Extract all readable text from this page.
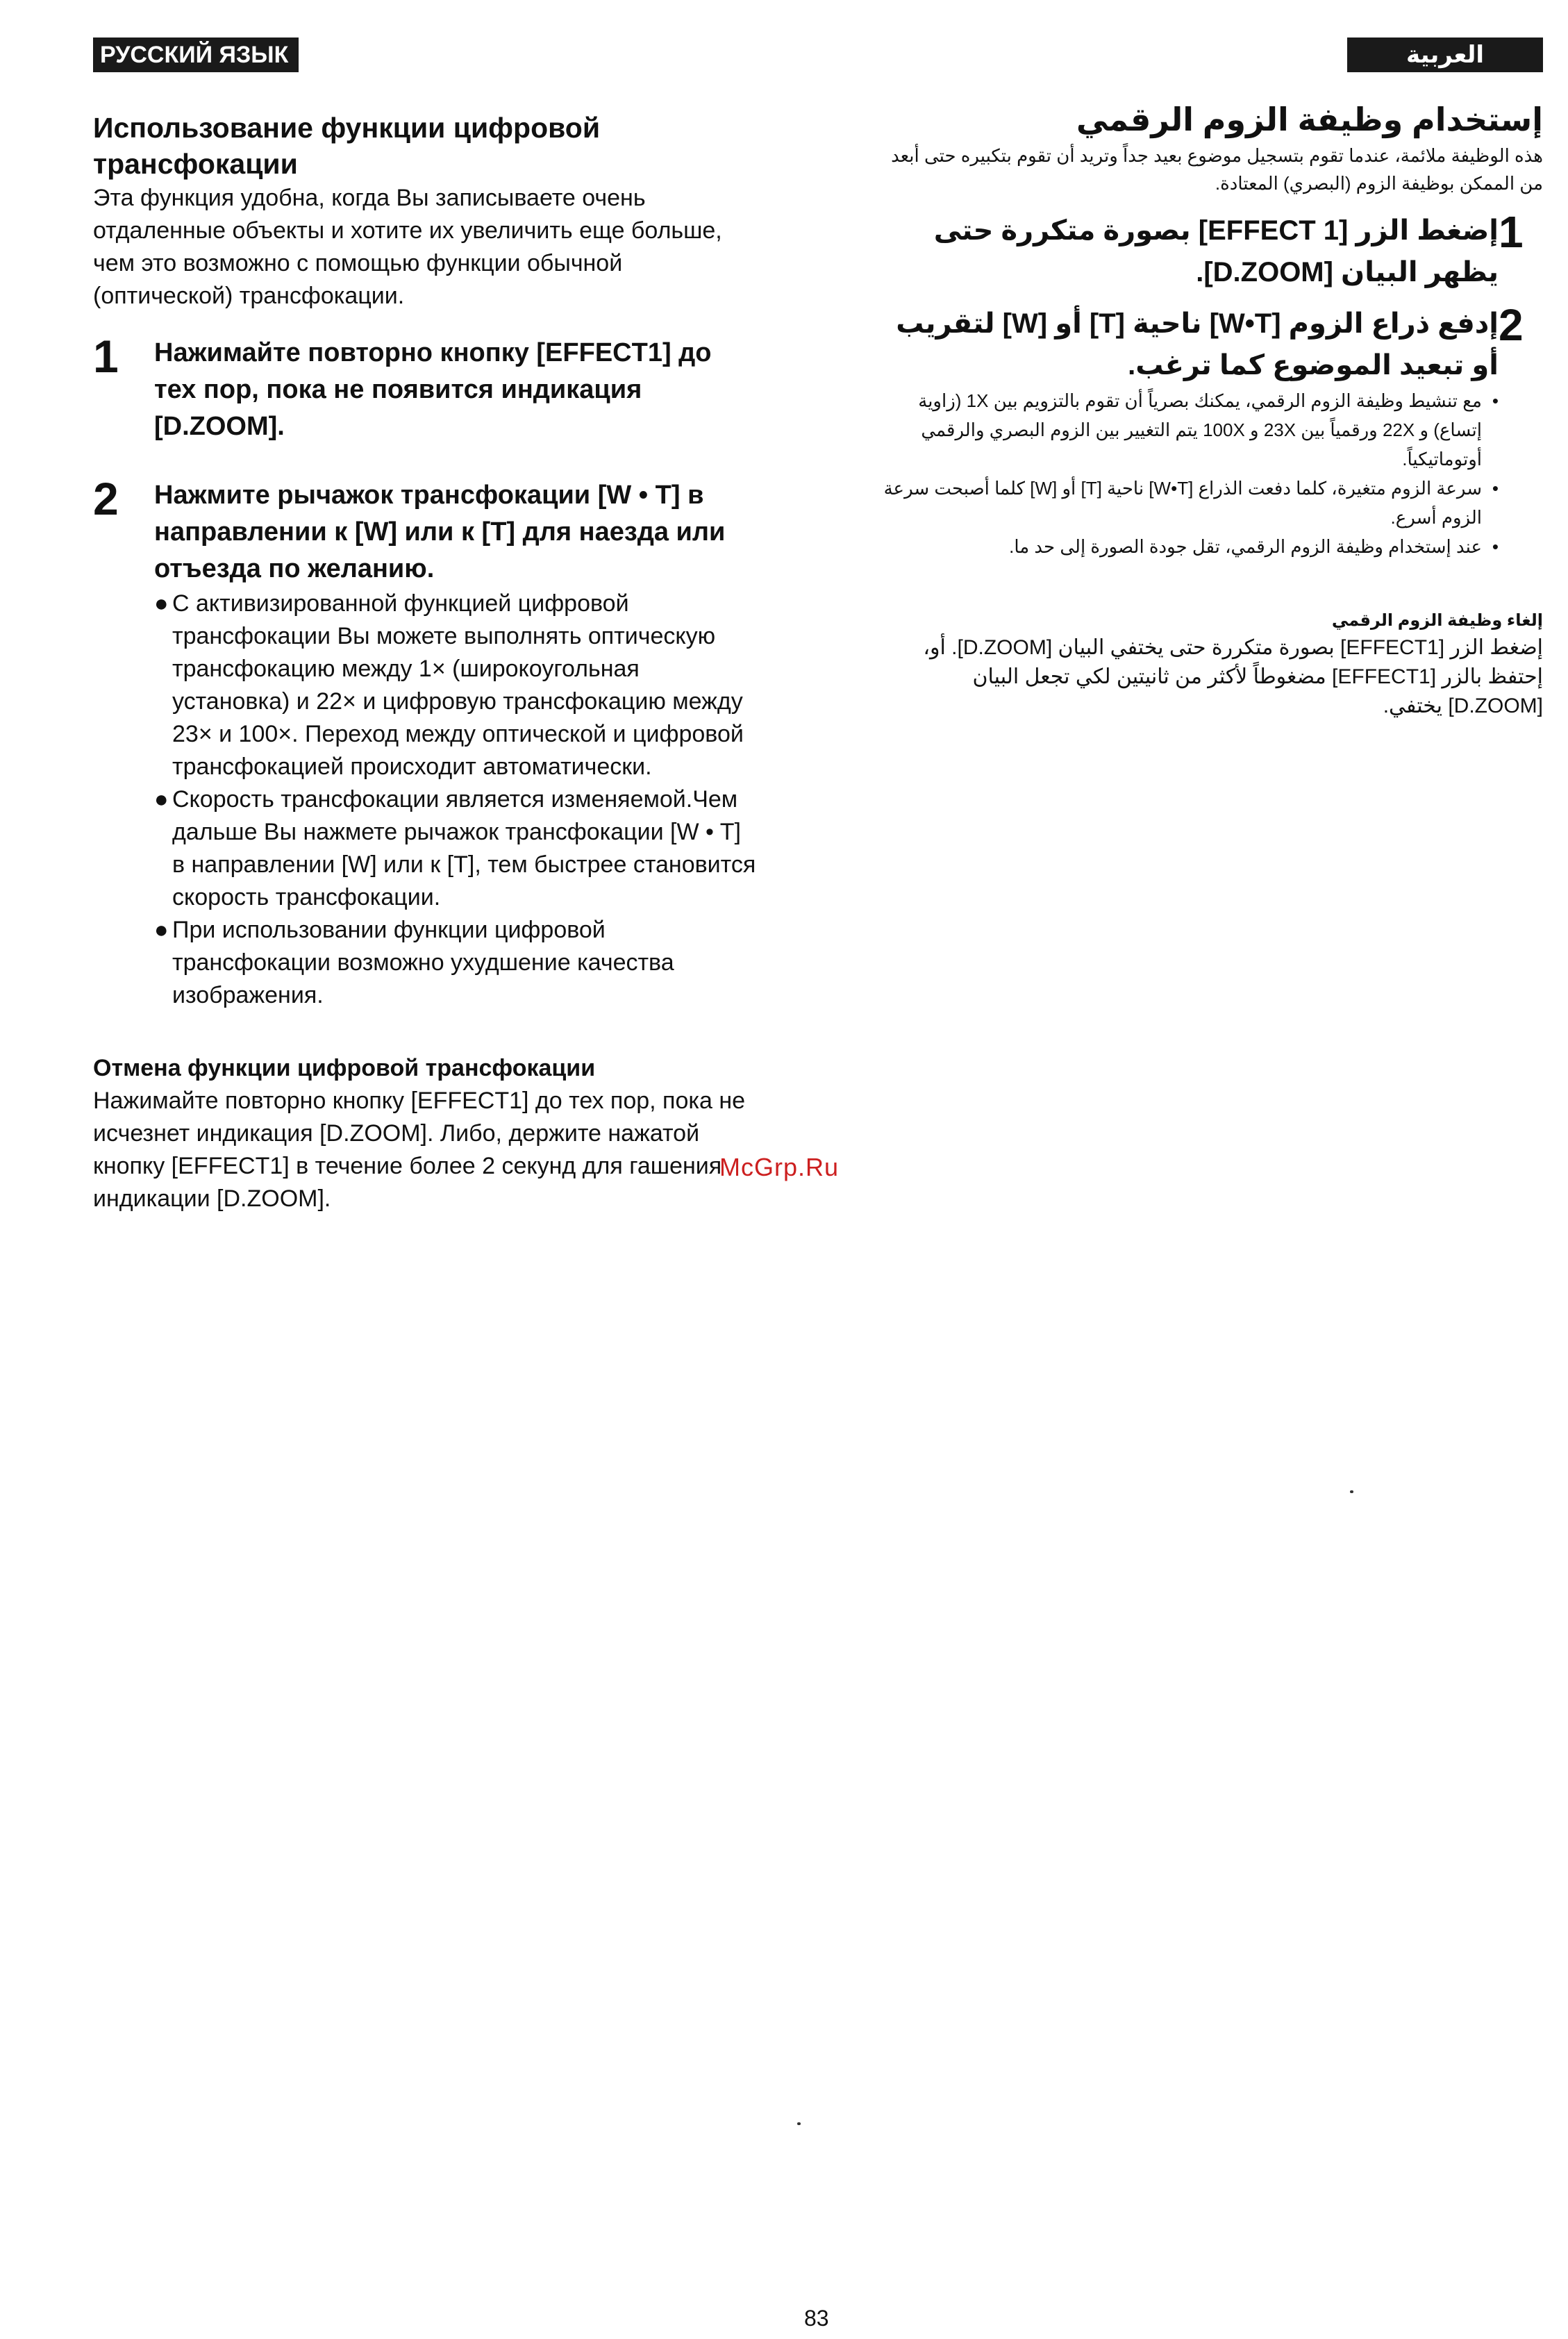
РУССКИЙ ЯЗЫК	العربية
Использование функции цифровой трансфокации

Эта функция удобна, когда Вы записываете очень отдаленные объекты и хотите их увеличить еще больше, чем это возможно с помощью функции обычной (оптической) трансфокации.

1	Нажимайте повторно кнопку [EFFECT1] до тех пор, пока не появится индикация [D.ZOOM].

2	Нажмите рычажок трансфокации [W • T] в направлении к [W] или к [T] для наезда или отъезда по желанию.

● С активизированной функцией цифровой трансфокации Вы можете выполнять оптическую трансфокацию между 1× (широкоугольная установка) и 22× и цифровую трансфокацию между 23× и 100×. Переход между оптической и цифровой трансфокацией происходит автоматически.
● Скорость трансфокации является изменяемой.Чем дальше Вы нажмете рычажок трансфокации [W • T] в направлении [W] или к [T], тем быстрее становится скорость трансфокации.
● При использовании функции цифровой трансфокации возможно ухудшение качества изображения.
Отмена функции цифровой трансфокации

Нажимайте повторно кнопку [EFFECT1] до тех пор, пока не исчезнет индикация [D.ZOOM]. Либо, держите нажатой кнопку [EFFECT1] в течение более 2 секунд для гашения индикации [D.ZOOM].

إستخدام وظيفة الزوم الرقمي

هذه الوظيفة ملائمة، عندما تقوم بتسجيل موضوع بعيد جداً وتريد أن تقوم بتكبيره حتى أبعد من الممكن بوظيفة الزوم (البصري) المعتادة.

1

إضغط الزر [EFFECT 1] بصورة متكررة حتى يظهر البيان [D.ZOOM].

2

إدفع ذراع الزوم [W•T] ناحية [T] أو [W] لتقريب أو تبعيد الموضوع كما ترغب.

•
مع تنشيط وظيفة الزوم الرقمي، يمكنك بصرياً أن تقوم بالتزويم بين 1X (زاوية إتساع) و 22X ورقمياً بين 23X و 100X يتم التغيير بين الزوم البصري والرقمي أوتوماتيكياً.
•
سرعة الزوم متغيرة، كلما دفعت الذراع [W•T] ناحية [T] أو [W] كلما أصبحت سرعة الزوم أسرع.
•
عند إستخدام وظيفة الزوم الرقمي، تقل جودة الصورة إلى حد ما.
إلغاء وظيفة الزوم الرقمي

إضغط الزر [EFFECT1] بصورة متكررة حتى يختفي البيان [D.ZOOM]. أو، إحتفظ بالزر [EFFECT1] مضغوطاً لأكثر من ثانيتين لكي تجعل البيان [D.ZOOM] يختفي.

McGrp.Ru
83
